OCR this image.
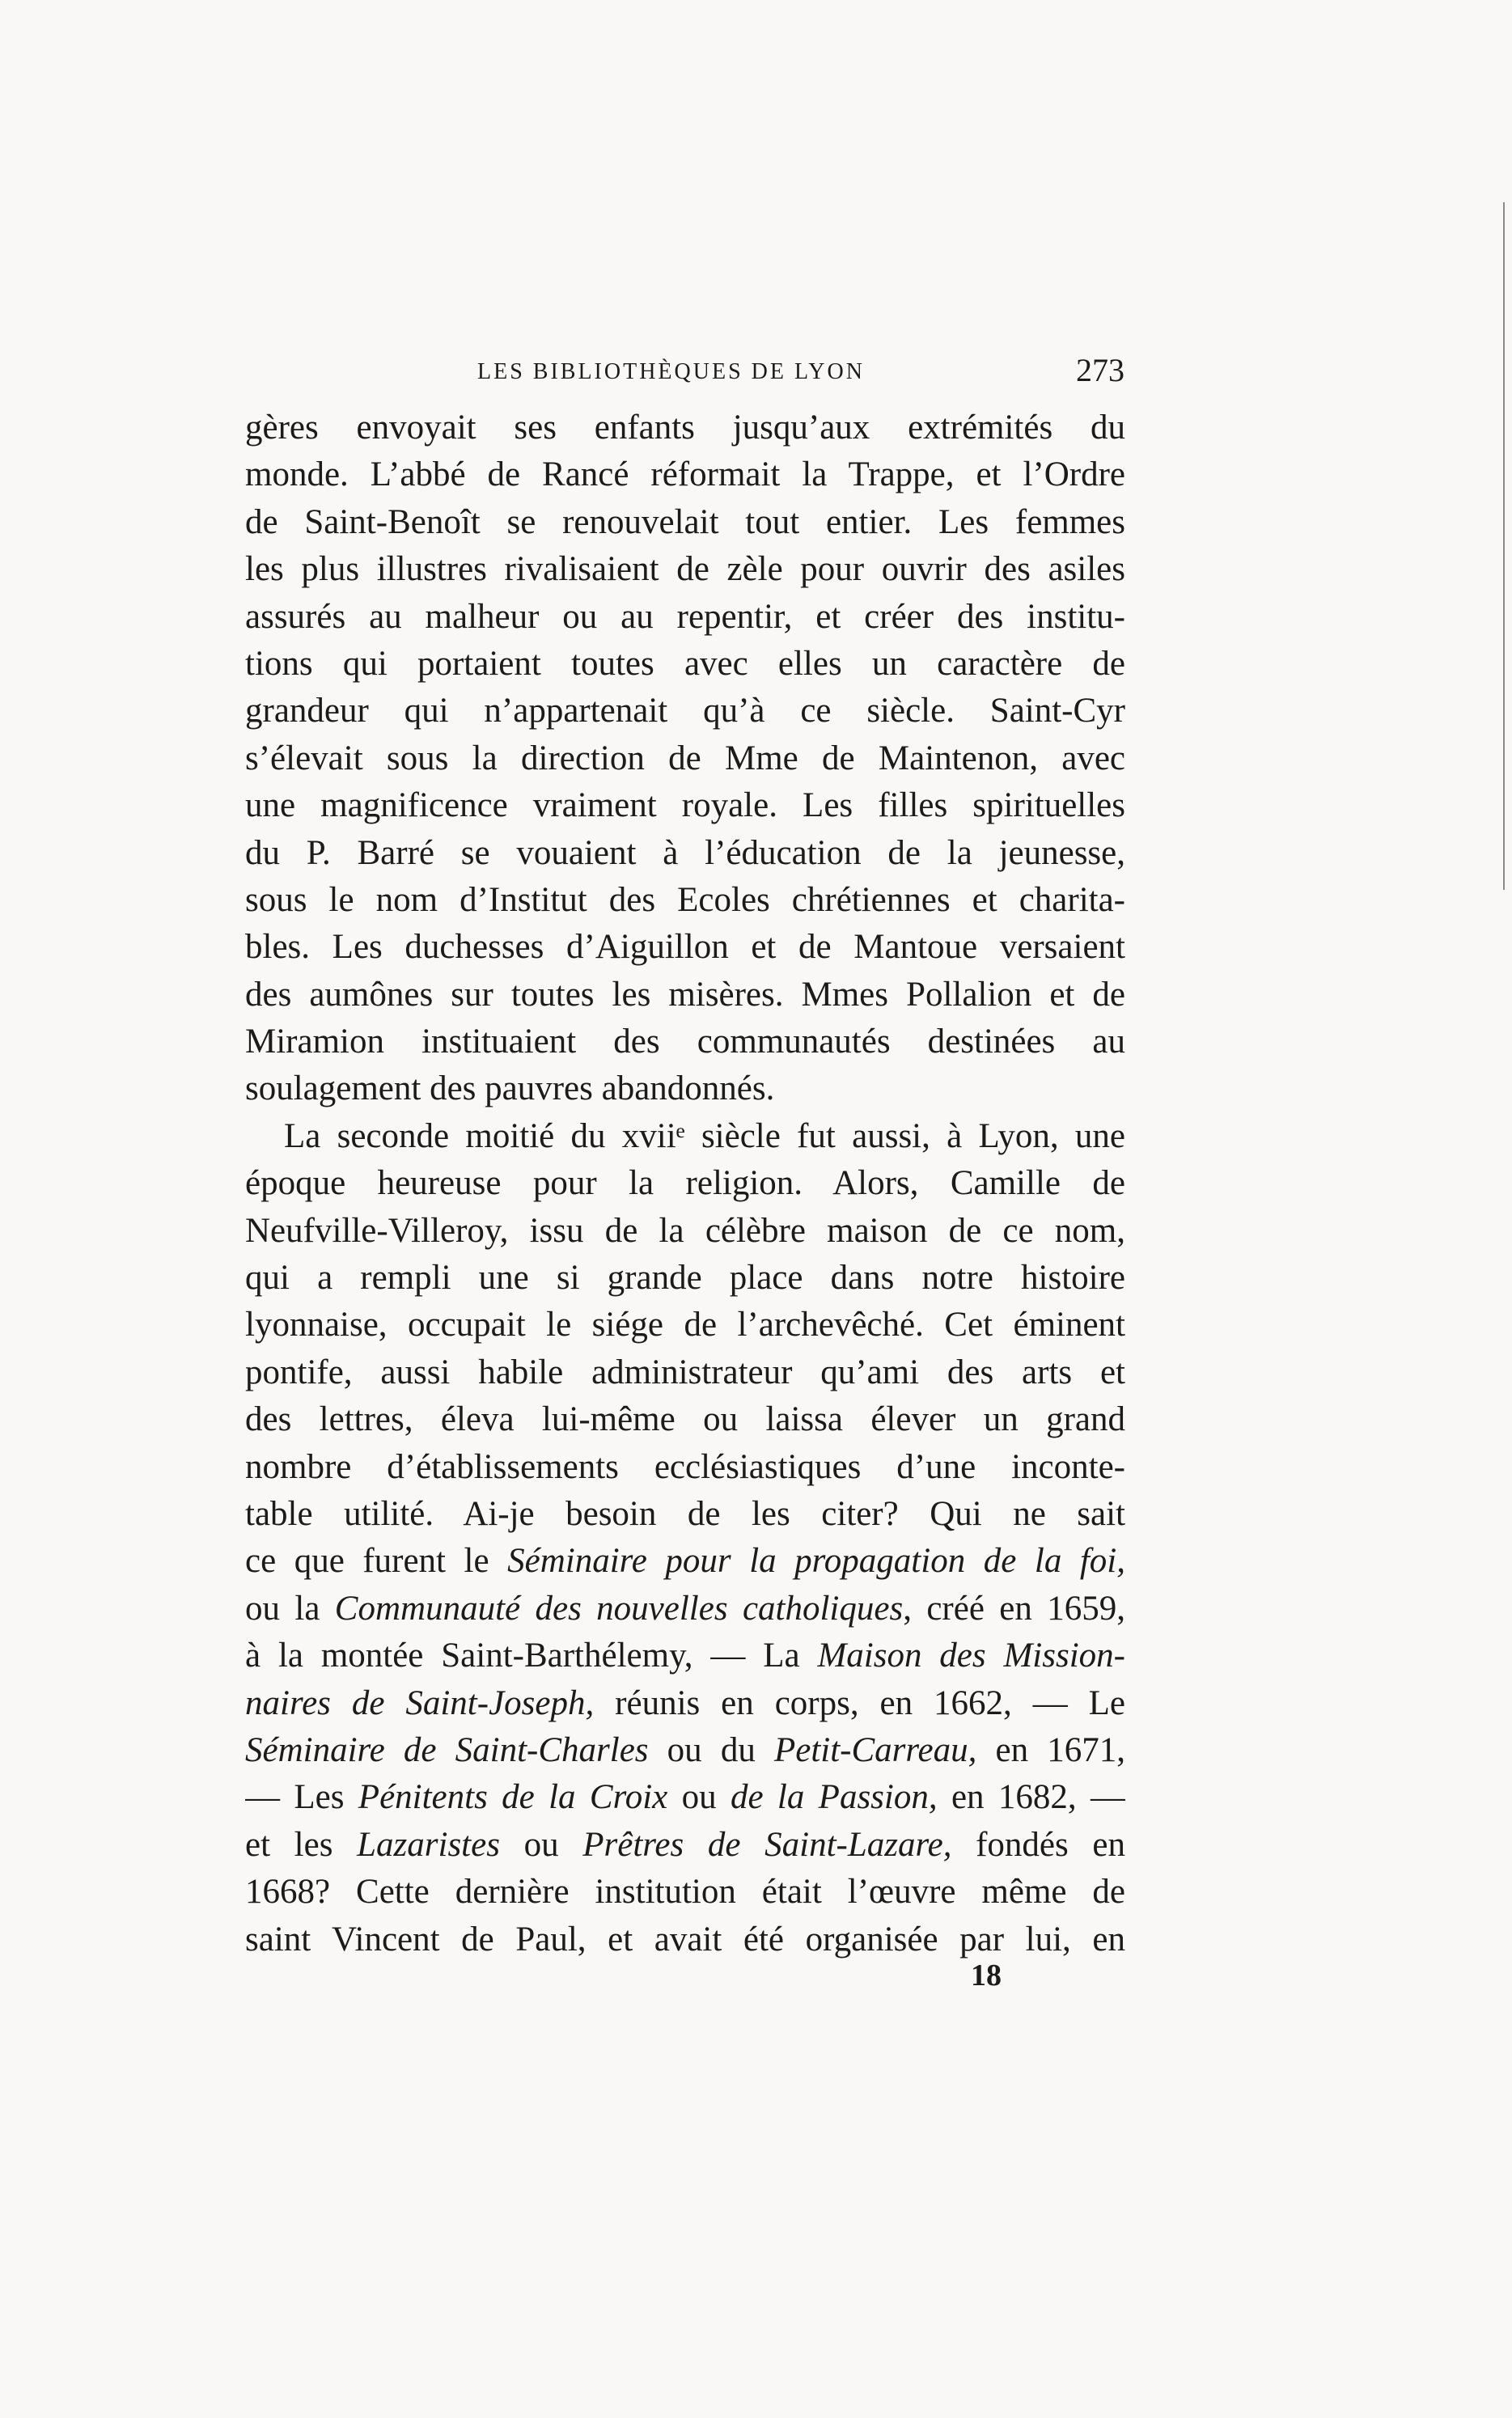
LES BIBLIOTHÈQUES DE LYON	273
gères envoyait ses enfants jusqu’aux extrémités du
monde. L’abbé de Rancé réformait la Trappe, et l’Ordre
de Saint-Benoît se renouvelait tout entier. Les femmes
les plus illustres rivalisaient de zèle pour ouvrir des asiles
assurés au malheur ou au repentir, et créer des institu-
tions qui portaient toutes avec elles un caractère de
grandeur qui n’appartenait qu’à ce siècle. Saint-Cyr
s’élevait sous la direction de Mme de Maintenon, avec
une magnificence vraiment royale. Les filles spirituelles
du P. Barré se vouaient à l’éducation de la jeunesse,
sous le nom d’Institut des Ecoles chrétiennes et charita-
bles. Les duchesses d’Aiguillon et de Mantoue versaient
des aumônes sur toutes les misères. Mmes Pollalion et de
Miramion instituaient des communautés destinées au
soulagement des pauvres abandonnés.
La seconde moitié du xviiᵉ siècle fut aussi, à Lyon, une
époque heureuse pour la religion. Alors, Camille de
Neufville-Villeroy, issu de la célèbre maison de ce nom,
qui a rempli une si grande place dans notre histoire
lyonnaise, occupait le siége de l’archevêché. Cet éminent
pontife, aussi habile administrateur qu’ami des arts et
des lettres, éleva lui-même ou laissa élever un grand
nombre d’établissements ecclésiastiques d’une inconte-
table utilité. Ai-je besoin de les citer? Qui ne sait
ce que furent le Séminaire pour la propagation de la foi,
ou la Communauté des nouvelles catholiques, créé en 1659,
à la montée Saint-Barthélemy, — La Maison des Mission-
naires de Saint-Joseph, réunis en corps, en 1662, — Le
Séminaire de Saint-Charles ou du Petit-Carreau, en 1671,
— Les Pénitents de la Croix ou de la Passion, en 1682, —
et les Lazaristes ou Prêtres de Saint-Lazare, fondés en
1668? Cette dernière institution était l’œuvre même de
saint Vincent de Paul, et avait été organisée par lui, en
18
